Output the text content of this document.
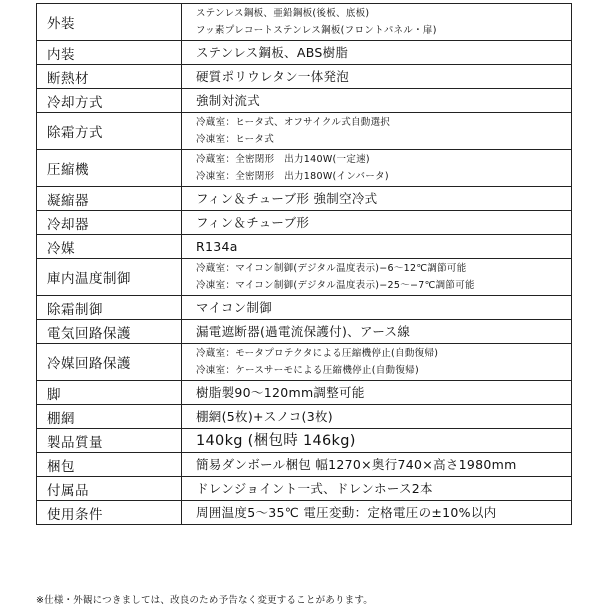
外装	ステンレス鋼板、亜鉛鋼板(後板、底板)
フッ素プレコートステンレス鋼板(フロントパネル・扉)

内装	ステンレス鋼板、ABS樹脂

断熱材	硬質ポリウレタン一体発泡

冷却方式	強制対流式

除霜方式	冷蔵室：ヒータ式、オフサイクル式自動選択
冷凍室：ヒータ式

圧縮機	冷蔵室：全密閉形　出力140W(一定速)
冷凍室：全密閉形　出力180W(インバータ)

凝縮器	フィン＆チューブ形 強制空冷式

冷却器	フィン＆チューブ形

冷媒	R134a

庫内温度制御	冷蔵室：マイコン制御(デジタル温度表示)−6〜12℃調節可能
冷凍室：マイコン制御(デジタル温度表示)−25〜−7℃調節可能

除霜制御	マイコン制御

電気回路保護	漏電遮断器(過電流保護付)、アース線

冷媒回路保護	冷蔵室：モータプロテクタによる圧縮機停止(自動復帰)
冷凍室：ケースサーモによる圧縮機停止(自動復帰)

脚	樹脂製90〜120mm調整可能

棚網	棚網(5枚)+スノコ(3枚)

製品質量	140kg (梱包時 146kg)

梱包	簡易ダンボール梱包 幅1270×奥行740×高さ1980mm

付属品	ドレンジョイント一式、ドレンホース2本

使用条件	周囲温度5〜35℃ 電圧変動：定格電圧の±10%以内
※仕様・外観につきましては、改良のため予告なく変更することがあります。
